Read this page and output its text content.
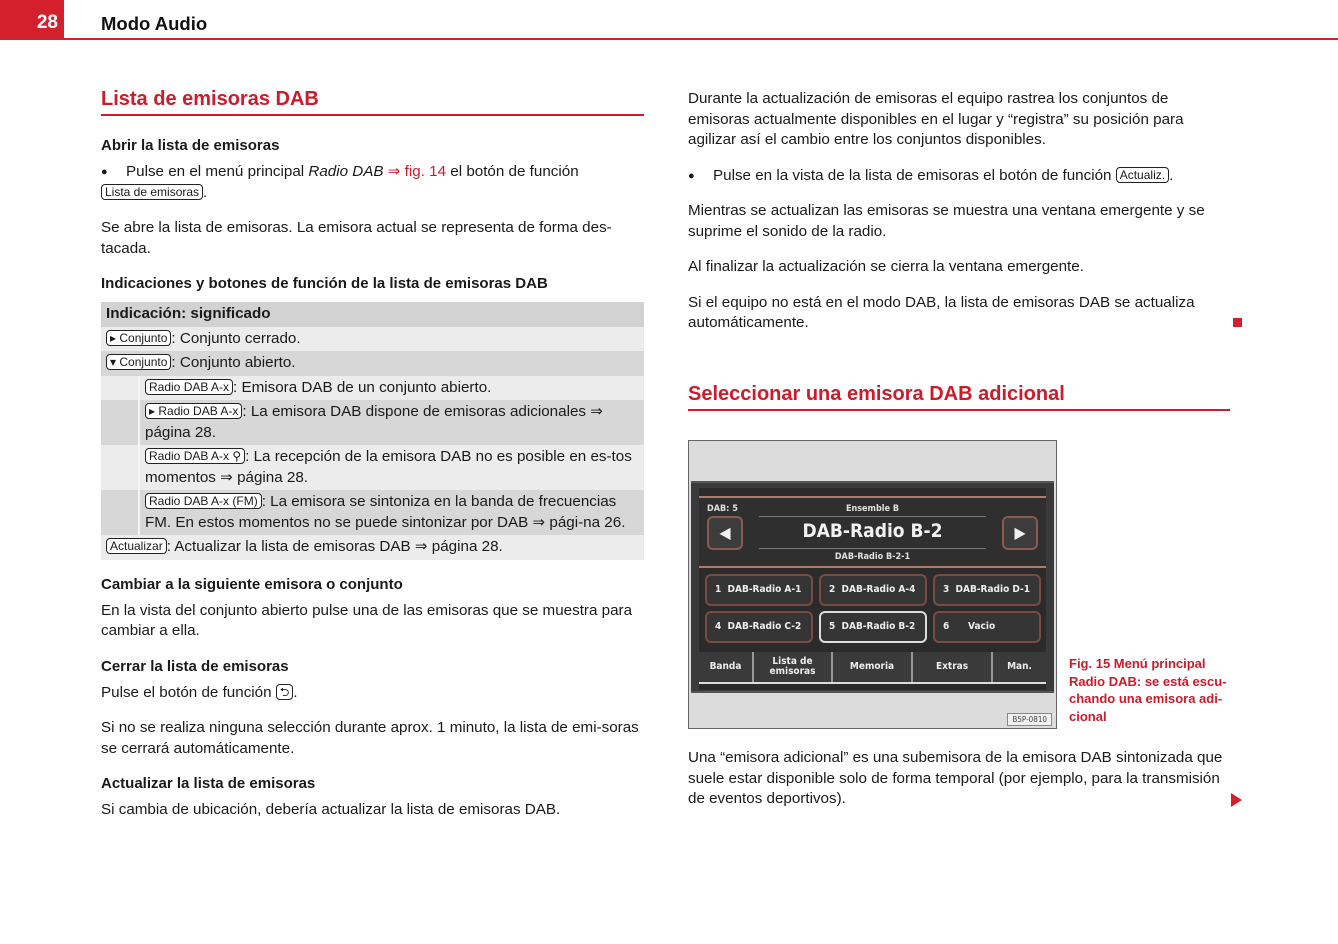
28 Modo Audio
Lista de emisoras DAB
Abrir la lista de emisoras

● Pulse en el menú principal Radio DAB ⇒ fig. 14 el botón de función

Lista de emisoras .

Se abre la lista de emisoras. La emisora actual se representa de forma des-tacada.

Indicaciones y botones de función de la lista de emisoras DAB
Indicación: significado	
▸ Conjunto : Conjunto cerrado.	
▾ Conjunto : Conjunto abierto.	
	Radio DAB A-x : Emisora DAB de un conjunto abierto.
	▸ Radio DAB A-x : La emisora DAB dispone de emisoras adicionales ⇒ página 28.
	Radio DAB A-x ⚲ : La recepción de la emisora DAB no es posible en es-tos momentos ⇒ página 28.
	Radio DAB A-x (FM) : La emisora se sintoniza en la banda de frecuencias FM. En estos momentos no se puede sintonizar por DAB ⇒ pági-na 26.
Actualizar : Actualizar la lista de emisoras DAB ⇒ página 28.	
Cambiar a la siguiente emisora o conjunto

En la vista del conjunto abierto pulse una de las emisoras que se muestra para cambiar a ella.

Cerrar la lista de emisoras

Pulse el botón de función ⮌ .

Si no se realiza ninguna selección durante aprox. 1 minuto, la lista de emi-soras se cerrará automáticamente.

Actualizar la lista de emisoras

Si cambia de ubicación, debería actualizar la lista de emisoras DAB.

Durante la actualización de emisoras el equipo rastrea los conjuntos de emisoras actualmente disponibles en el lugar y “registra” su posición para agilizar así el cambio entre los conjuntos disponibles.

● Pulse en la vista de la lista de emisoras el botón de función Actualiz. .

Mientras se actualizan las emisoras se muestra una ventana emergente y se suprime el sonido de la radio.

Al finalizar la actualización se cierra la ventana emergente.

Si el equipo no está en el modo DAB, la lista de emisoras DAB se actualiza automáticamente.

Seleccionar una emisora DAB adicional
DAB: 5	Ensemble B
DAB-Radio B-2
DAB-Radio B-2-1
◀	▶
1 DAB-Radio A-1	2 DAB-Radio A-4	3 DAB-Radio D-1
4 DAB-Radio C-2	5 DAB-Radio B-2	6 Vacio
Banda	Lista de emisoras	Memoria	Extras	Man.
B5P-0810
Fig. 15 Menú principal Radio DAB: se está escu-chando una emisora adi-cional

Una “emisora adicional” es una subemisora de la emisora DAB sintonizada que suele estar disponible solo de forma temporal (por ejemplo, para la transmisión de eventos deportivos).
